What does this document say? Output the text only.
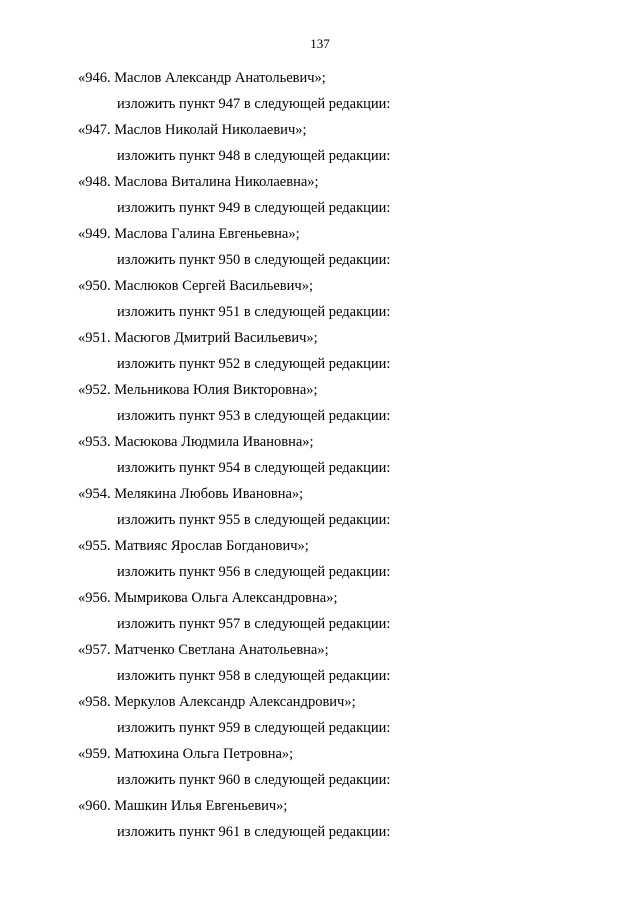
137
«946. Маслов Александр Анатольевич»;
изложить пункт 947 в следующей редакции:
«947. Маслов Николай Николаевич»;
изложить пункт 948 в следующей редакции:
«948. Маслова Виталина Николаевна»;
изложить пункт 949 в следующей редакции:
«949. Маслова Галина Евгеньевна»;
изложить пункт 950 в следующей редакции:
«950. Маслюков Сергей Васильевич»;
изложить пункт 951 в следующей редакции:
«951. Масюгов Дмитрий Васильевич»;
изложить пункт 952 в следующей редакции:
«952. Мельникова Юлия Викторовна»;
изложить пункт 953 в следующей редакции:
«953. Масюкова Людмила Ивановна»;
изложить пункт 954 в следующей редакции:
«954. Мелякина Любовь Ивановна»;
изложить пункт 955 в следующей редакции:
«955. Матвияс Ярослав Богданович»;
изложить пункт 956 в следующей редакции:
«956. Мымрикова Ольга Александровна»;
изложить пункт 957 в следующей редакции:
«957. Матченко Светлана Анатольевна»;
изложить пункт 958 в следующей редакции:
«958. Меркулов Александр Александрович»;
изложить пункт 959 в следующей редакции:
«959. Матюхина Ольга Петровна»;
изложить пункт 960 в следующей редакции:
«960. Машкин Илья Евгеньевич»;
изложить пункт 961 в следующей редакции:
